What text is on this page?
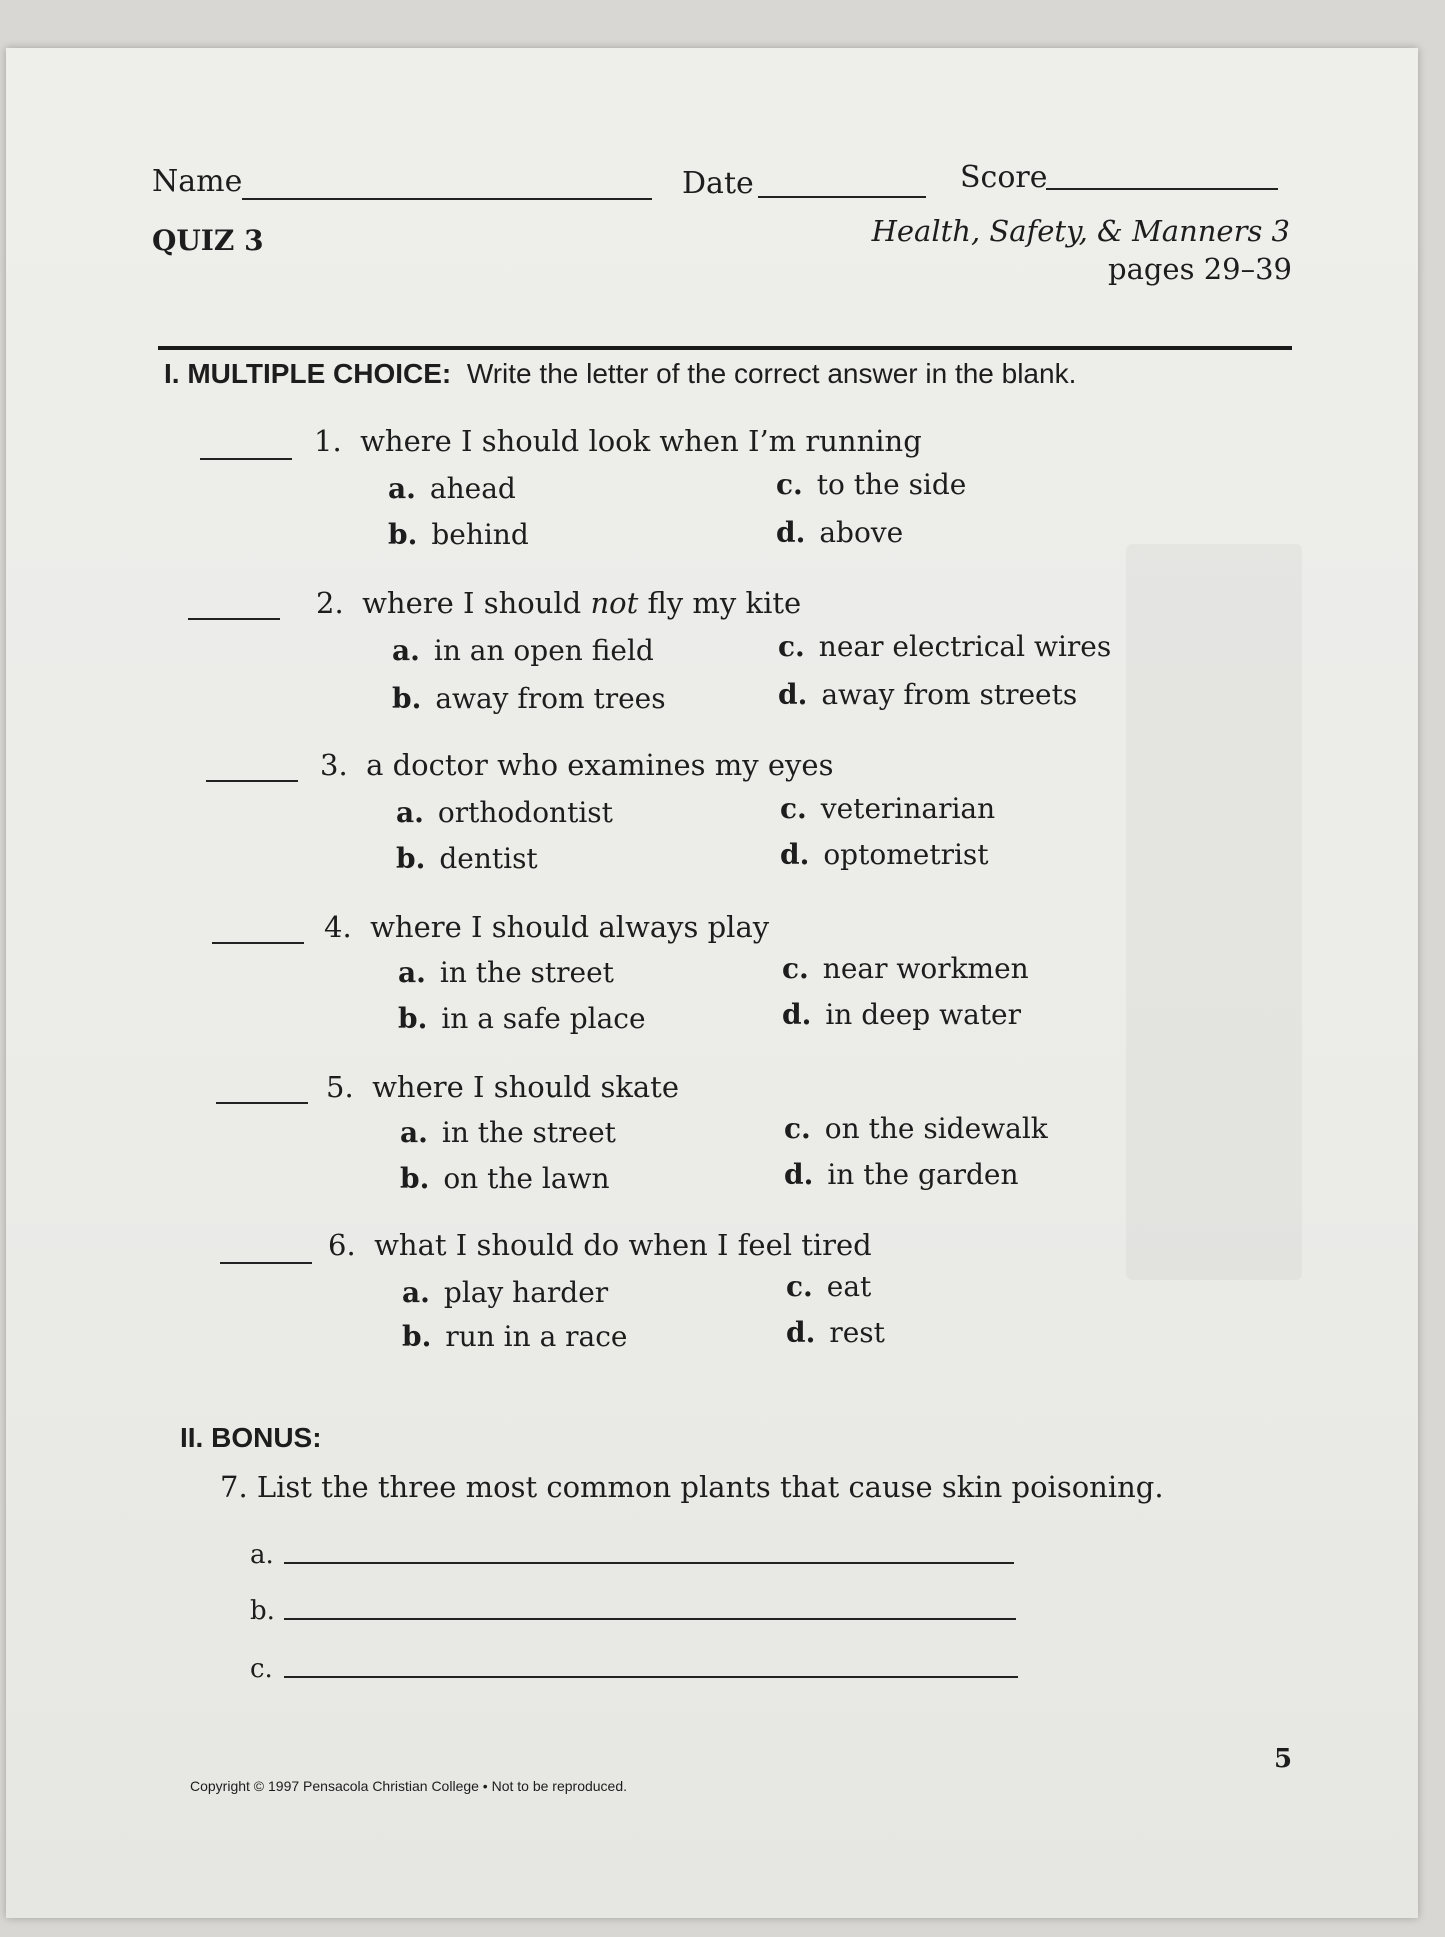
Name	Date	Score
QUIZ 3	Health, Safety, & Manners 3
pages 29–39
I. MULTIPLE CHOICE: Write the letter of the correct answer in the blank.
1. where I should look when I’m running
a. ahead
b. behind
c. to the side
d. above
2. where I should not fly my kite
a. in an open field
b. away from trees
c. near electrical wires
d. away from streets
3. a doctor who examines my eyes
a. orthodontist
b. dentist
c. veterinarian
d. optometrist
4. where I should always play
a. in the street
b. in a safe place
c. near workmen
d. in deep water
5. where I should skate
a. in the street
b. on the lawn
c. on the sidewalk
d. in the garden
6. what I should do when I feel tired
a. play harder
b. run in a race
c. eat
d. rest
II. BONUS:
7. List the three most common plants that cause skin poisoning.
a.
b.
c.
Copyright © 1997 Pensacola Christian College • Not to be reproduced.
5
